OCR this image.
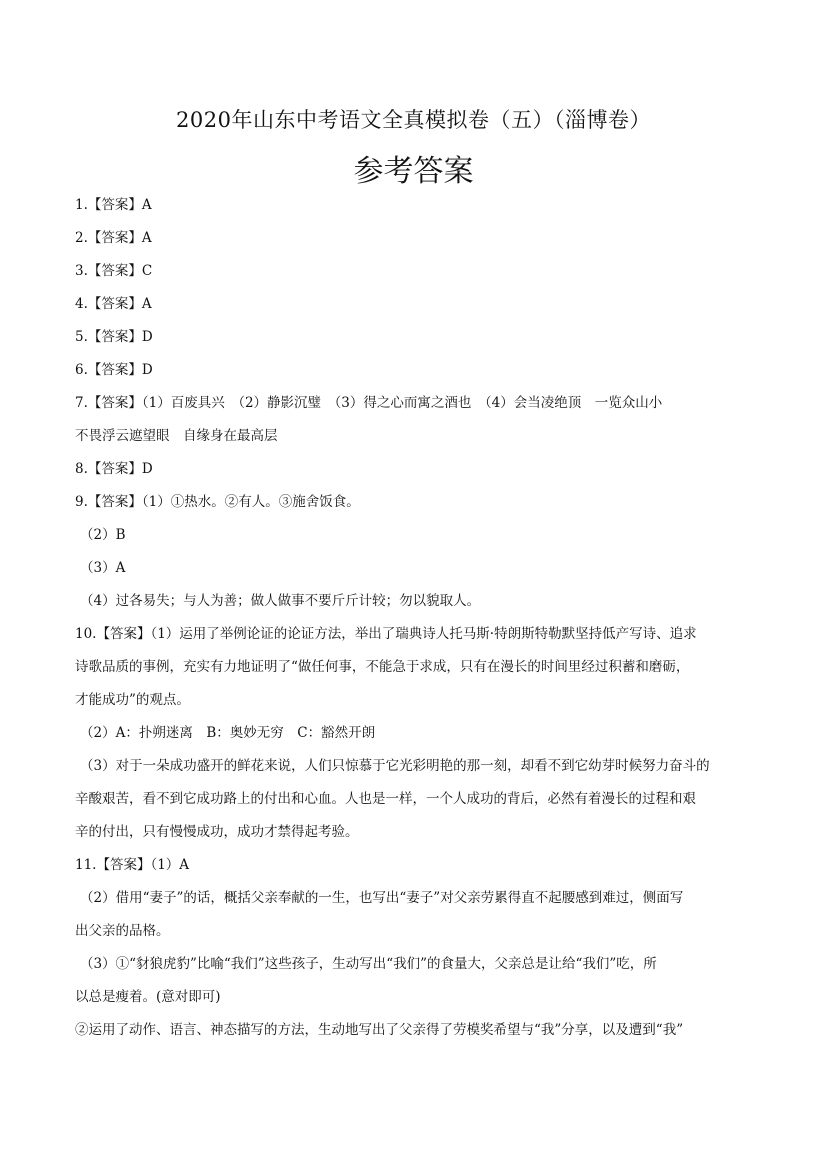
2020年山东中考语文全真模拟卷（五）（淄博卷）
参考答案
1.【答案】A
2.【答案】A
3.【答案】C
4.【答案】A
5.【答案】D
6.【答案】D
7.【答案】（1）百废具兴　（2）静影沉璧　（3）得之心而寓之酒也　（4）会当凌绝顶　一览众山小
不畏浮云遮望眼　自缘身在最高层
8.【答案】D
9.【答案】（1）①热水。②有人。③施舍饭食。
（2）B
（3）A
（4）过各易失；与人为善；做人做事不要斤斤计较；勿以貌取人。
10.【答案】（1）运用了举例论证的论证方法，举出了瑞典诗人托马斯·特朗斯特勒默坚持低产写诗、追求
诗歌品质的事例，充实有力地证明了“做任何事，不能急于求成，只有在漫长的时间里经过积蓄和磨砺，
才能成功”的观点。
（2）A：扑朔迷离　B：奥妙无穷　C：豁然开朗
（3）对于一朵成功盛开的鲜花来说，人们只惊慕于它光彩明艳的那一刻，却看不到它幼芽时候努力奋斗的
辛酸艰苦，看不到它成功路上的付出和心血。人也是一样，一个人成功的背后，必然有着漫长的过程和艰
辛的付出，只有慢慢成功，成功才禁得起考验。
11.【答案】（1）A
（2）借用“妻子”的话，概括父亲奉献的一生，也写出“妻子”对父亲劳累得直不起腰感到难过，侧面写
出父亲的品格。
（3）①“豺狼虎豹”比喻“我们”这些孩子，生动写出“我们”的食量大，父亲总是让给“我们”吃，所
以总是瘦着。(意对即可)
②运用了动作、语言、神态描写的方法，生动地写出了父亲得了劳模奖希望与“我”分享，以及遭到“我”
